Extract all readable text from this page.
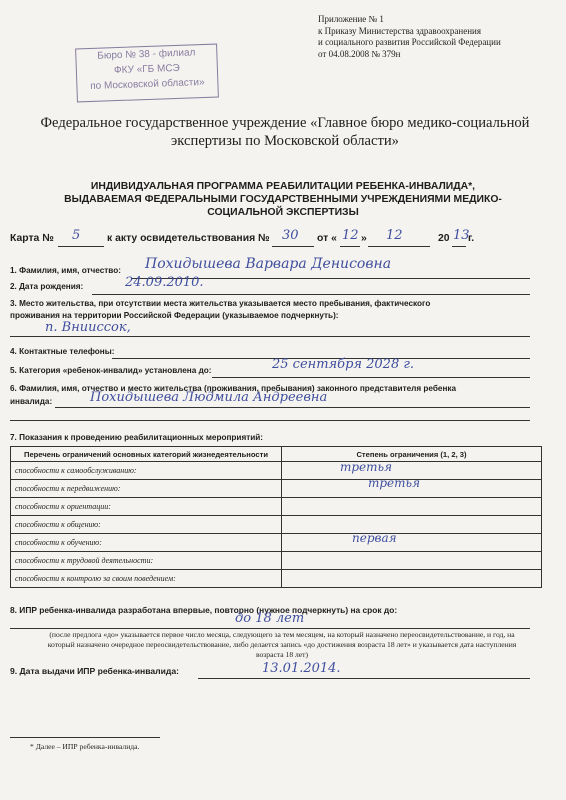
Приложение № 1
к Приказу Министерства здравоохранения
и социального развития Российской Федерации
от 04.08.2008 № 379н
Бюро № 38 - филиал
ФКУ «ГБ МСЭ
по Московской области»
Федеральное государственное учреждение «Главное бюро медико-социальной
экспертизы по Московской области»
ИНДИВИДУАЛЬНАЯ ПРОГРАММА РЕАБИЛИТАЦИИ РЕБЕНКА-ИНВАЛИДА*,
ВЫДАВАЕМАЯ ФЕДЕРАЛЬНЫМИ ГОСУДАРСТВЕННЫМИ УЧРЕЖДЕНИЯМИ МЕДИКО-
СОЦИАЛЬНОЙ ЭКСПЕРТИЗЫ
Карта № 5	к акту освидетельствования № 30 от « 12 » 12	20 13
г.
1. Фамилия, имя, отчество: Похидышева Варвара Денисовна
2. Дата рождения:	24.09.2010.
3. Место жительства, при отсутствии места жительства указывается место пребывания, фактического
проживания на территории Российской Федерации (указываемое подчеркнуть):
п. Внииссок,
4. Контактные телефоны:
5. Категория «ребенок-инвалид» установлена до:	25 сентября 2028 г.
6. Фамилия, имя, отчество и место жительства (проживания, пребывания) законного представителя ребенка
инвалида:	Похидышева Людмила Андреевна
7. Показания к проведению реабилитационных мероприятий:
Перечень ограничений основных категорий жизнедеятельности	Степень ограничения (1, 2, 3)
способности к самообслуживанию:	третья

способности к передвижению:	третья

способности к ориентации:	
способности к общению:	
способности к обучению:	первая

способности к трудовой деятельности:	
способности к контролю за своим поведением:	
8. ИПР ребенка-инвалида разработана впервые, повторно (нужное подчеркнуть) на срок до:
до 18 лет
(после предлога «до» указывается первое число месяца, следующего за тем месяцем, на который назначено переосвидетельствование, и год, на
который назначено очередное переосвидетельствование, либо делается запись «до достижения возраста 18 лет» и указывается дата наступления
возраста 18 лет)
9. Дата выдачи ИПР ребенка-инвалида:	13.01.2014.
* Далее – ИПР ребенка-инвалида.
